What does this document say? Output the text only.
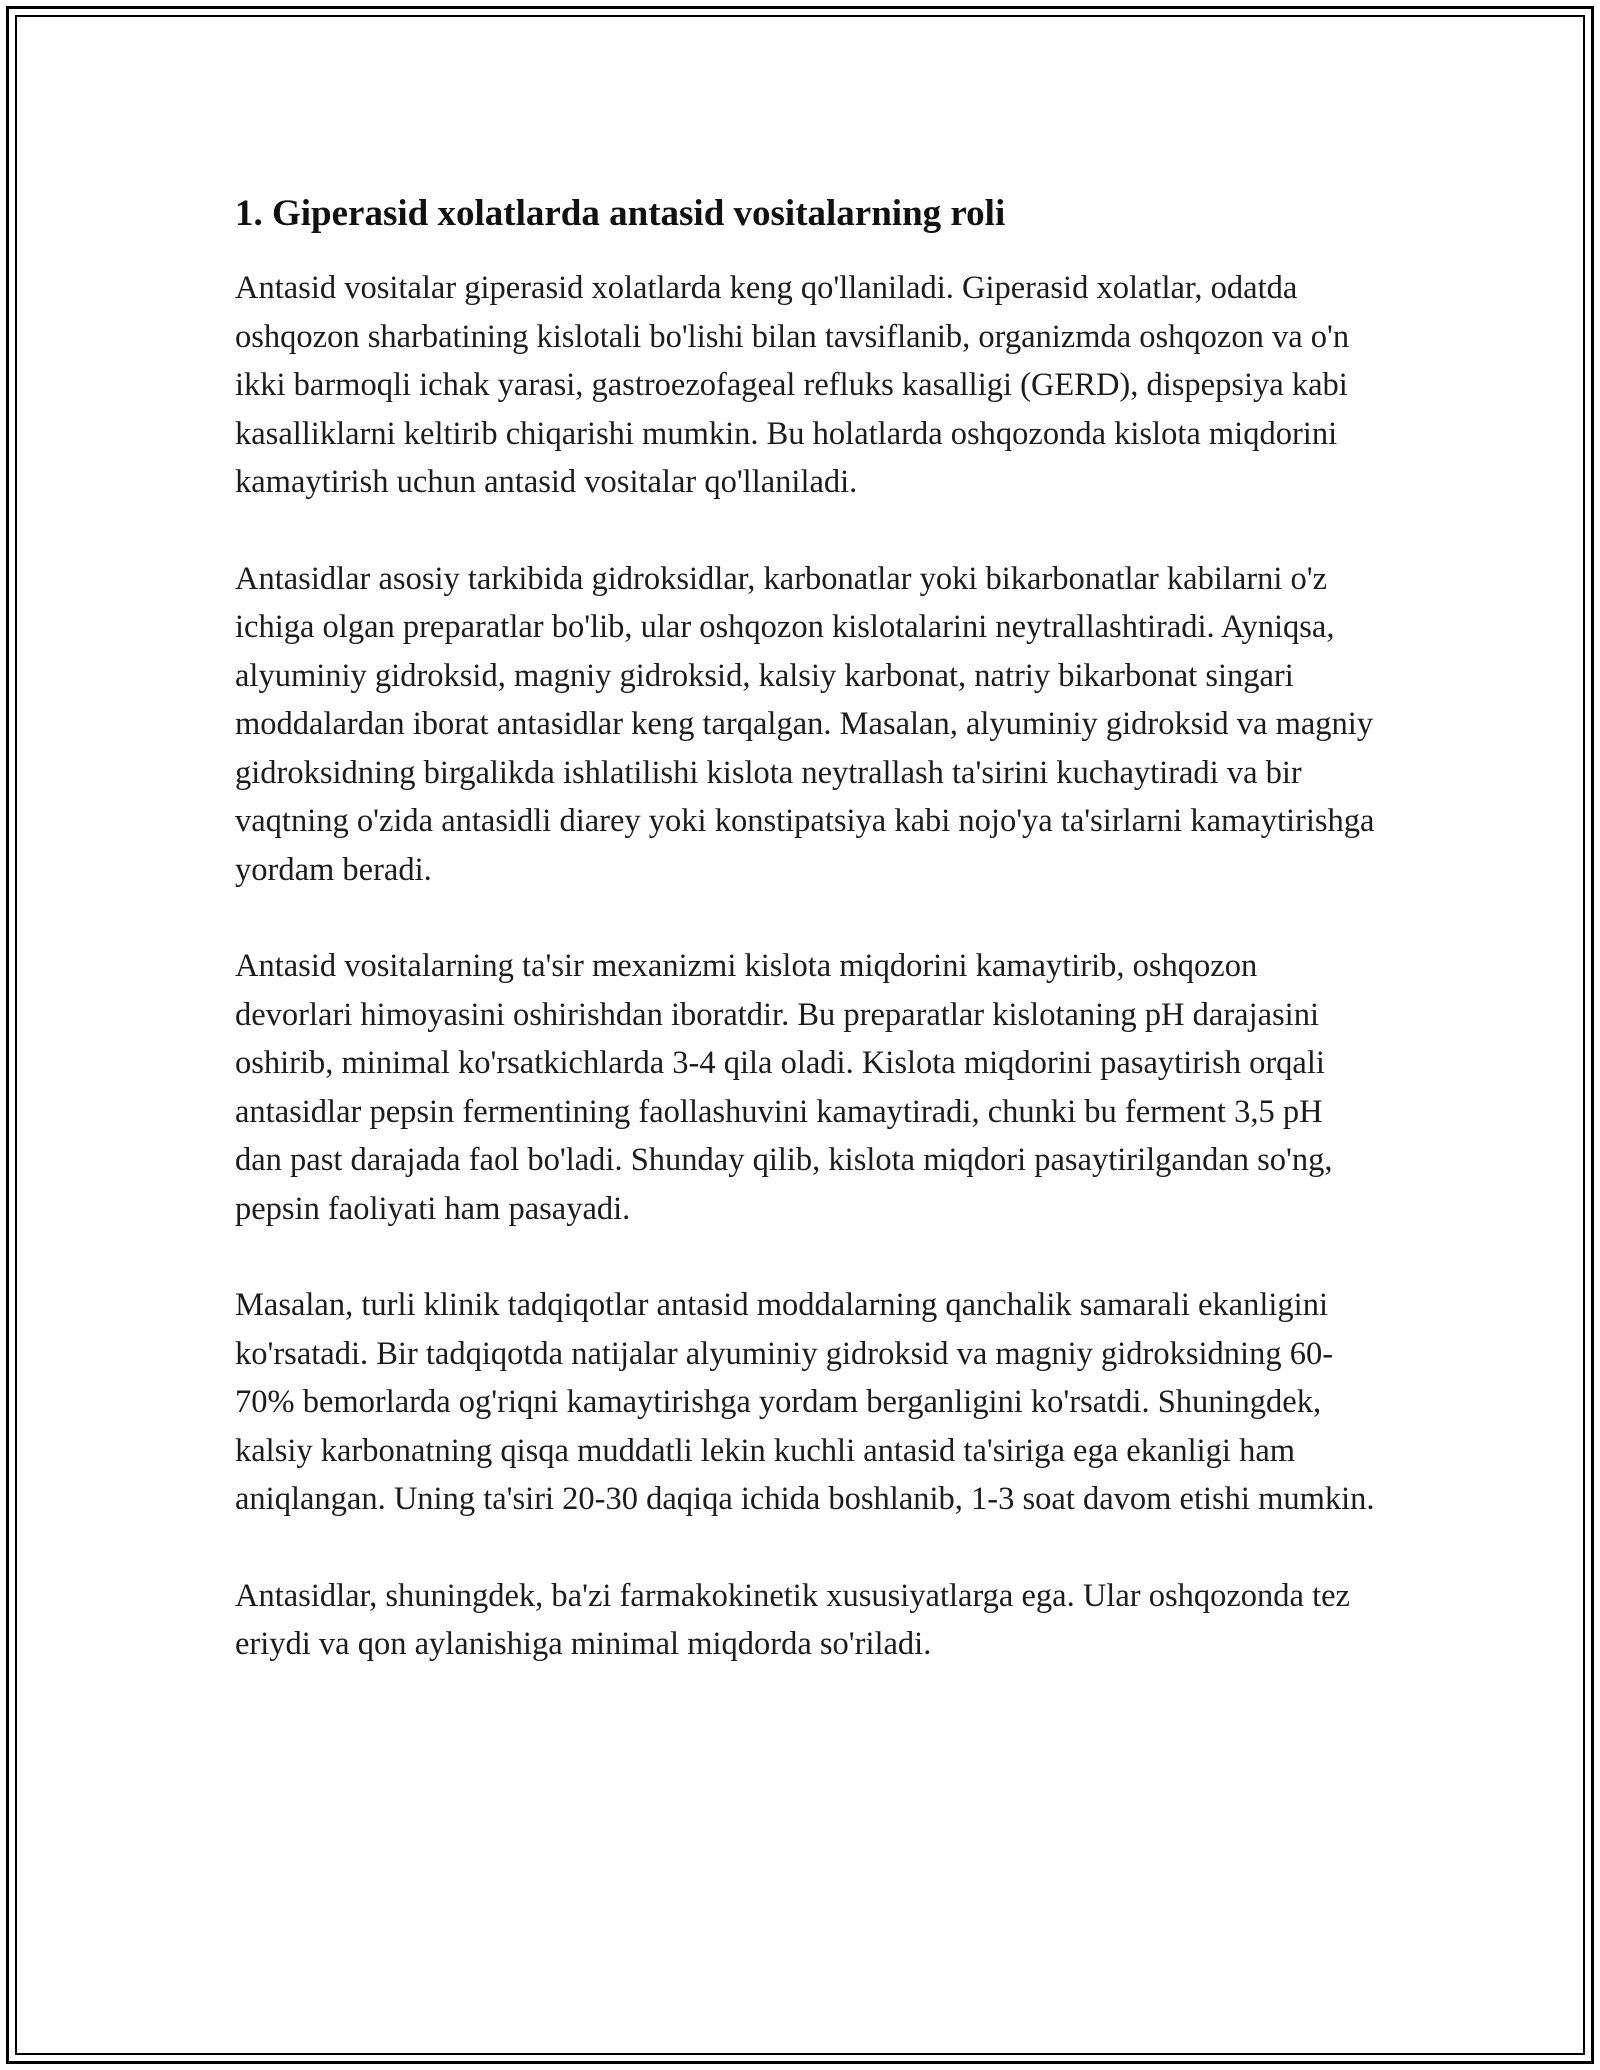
1. Giperasid xolatlarda antasid vositalarning roli

Antasid vositalar giperasid xolatlarda keng qo'llaniladi. Giperasid xolatlar, odatda oshqozon sharbatining kislotali bo'lishi bilan tavsiflanib, organizmda oshqozon va o'n ikki barmoqli ichak yarasi, gastroezofageal refluks kasalligi (GERD), dispepsiya kabi kasalliklarni keltirib chiqarishi mumkin. Bu holatlarda oshqozonda kislota miqdorini kamaytirish uchun antasid vositalar qo'llaniladi.

Antasidlar asosiy tarkibida gidroksidlar, karbonatlar yoki bikarbonatlar kabilarni o'z ichiga olgan preparatlar bo'lib, ular oshqozon kislotalarini neytrallashtiradi. Ayniqsa, alyuminiy gidroksid, magniy gidroksid, kalsiy karbonat, natriy bikarbonat singari moddalardan iborat antasidlar keng tarqalgan. Masalan, alyuminiy gidroksid va magniy gidroksidning birgalikda ishlatilishi kislota neytrallash ta'sirini kuchaytiradi va bir vaqtning o'zida antasidli diarey yoki konstipatsiya kabi nojo'ya ta'sirlarni kamaytirishga yordam beradi.

Antasid vositalarning ta'sir mexanizmi kislota miqdorini kamaytirib, oshqozon devorlari himoyasini oshirishdan iboratdir. Bu preparatlar kislotaning pH darajasini oshirib, minimal ko'rsatkichlarda 3-4 qila oladi. Kislota miqdorini pasaytirish orqali antasidlar pepsin fermentining faollashuvini kamaytiradi, chunki bu ferment 3,5 pH dan past darajada faol bo'ladi. Shunday qilib, kislota miqdori pasaytirilgandan so'ng, pepsin faoliyati ham pasayadi.

Masalan, turli klinik tadqiqotlar antasid moddalarning qanchalik samarali ekanligini ko'rsatadi. Bir tadqiqotda natijalar alyuminiy gidroksid va magniy gidroksidning 60-70% bemorlarda og'riqni kamaytirishga yordam berganligini ko'rsatdi. Shuningdek, kalsiy karbonatning qisqa muddatli lekin kuchli antasid ta'siriga ega ekanligi ham aniqlangan. Uning ta'siri 20-30 daqiqa ichida boshlanib, 1-3 soat davom etishi mumkin.

Antasidlar, shuningdek, ba'zi farmakokinetik xususiyatlarga ega. Ular oshqozonda tez eriydi va qon aylanishiga minimal miqdorda so'riladi.
